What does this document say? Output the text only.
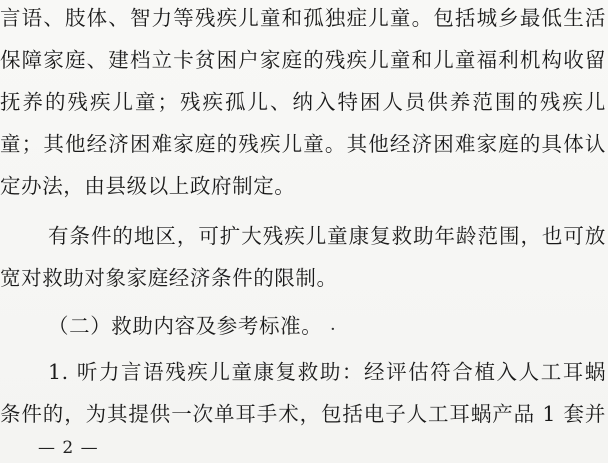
言语、肢体、智力等残疾儿童和孤独症儿童。包括城乡最低生活
保障家庭、建档立卡贫困户家庭的残疾儿童和儿童福利机构收留
抚养的残疾儿童；残疾孤儿、纳入特困人员供养范围的残疾儿
童；其他经济困难家庭的残疾儿童。其他经济困难家庭的具体认
定办法，由县级以上政府制定。
有条件的地区，可扩大残疾儿童康复救助年龄范围，也可放
宽对救助对象家庭经济条件的限制。
（二）救助内容及参考标准。 ·
1. 听力言语残疾儿童康复救助：经评估符合植入人工耳蜗
条件的，为其提供一次单耳手术，包括电子人工耳蜗产品 1 套并
— 2 —
